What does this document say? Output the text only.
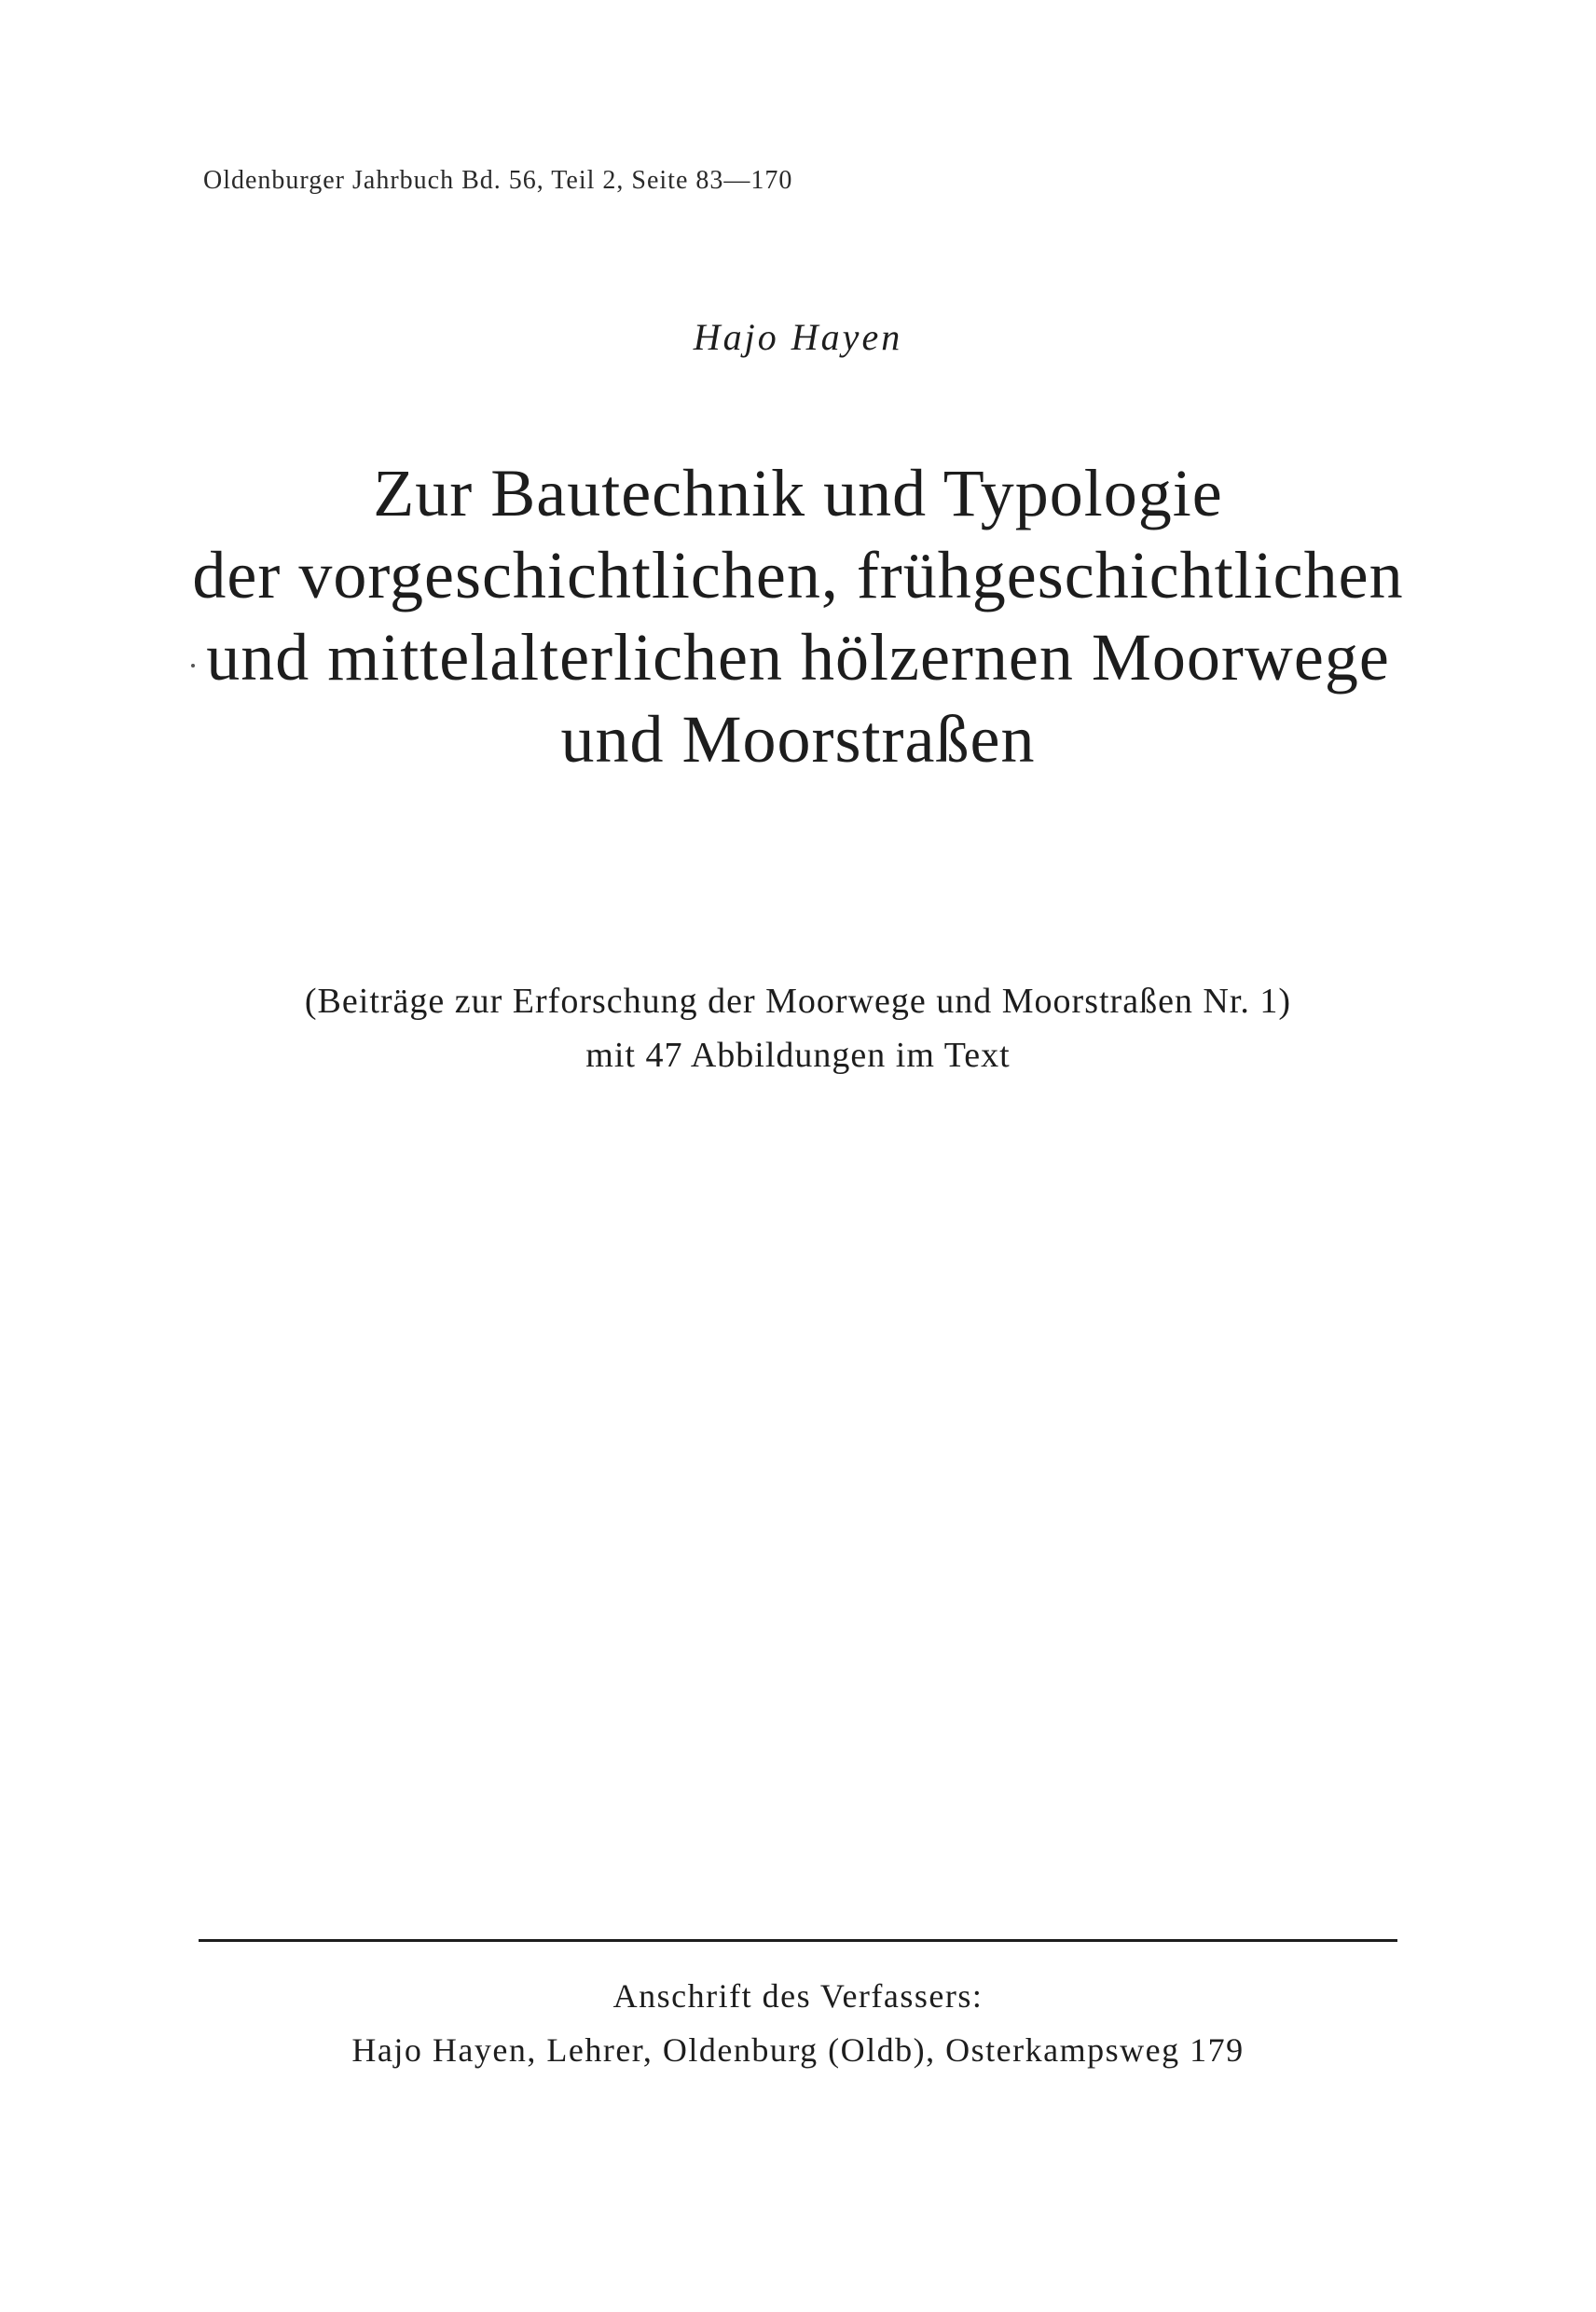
Oldenburger Jahrbuch Bd. 56, Teil 2, Seite 83—170
Hajo Hayen
Zur Bautechnik und Typologie
der vorgeschichtlichen, frühgeschichtlichen
und mittelalterlichen hölzernen Moorwege
und Moorstraßen
(Beiträge zur Erforschung der Moorwege und Moorstraßen Nr. 1)
mit 47 Abbildungen im Text
Anschrift des Verfassers:
Hajo Hayen, Lehrer, Oldenburg (Oldb), Osterkampsweg 179
